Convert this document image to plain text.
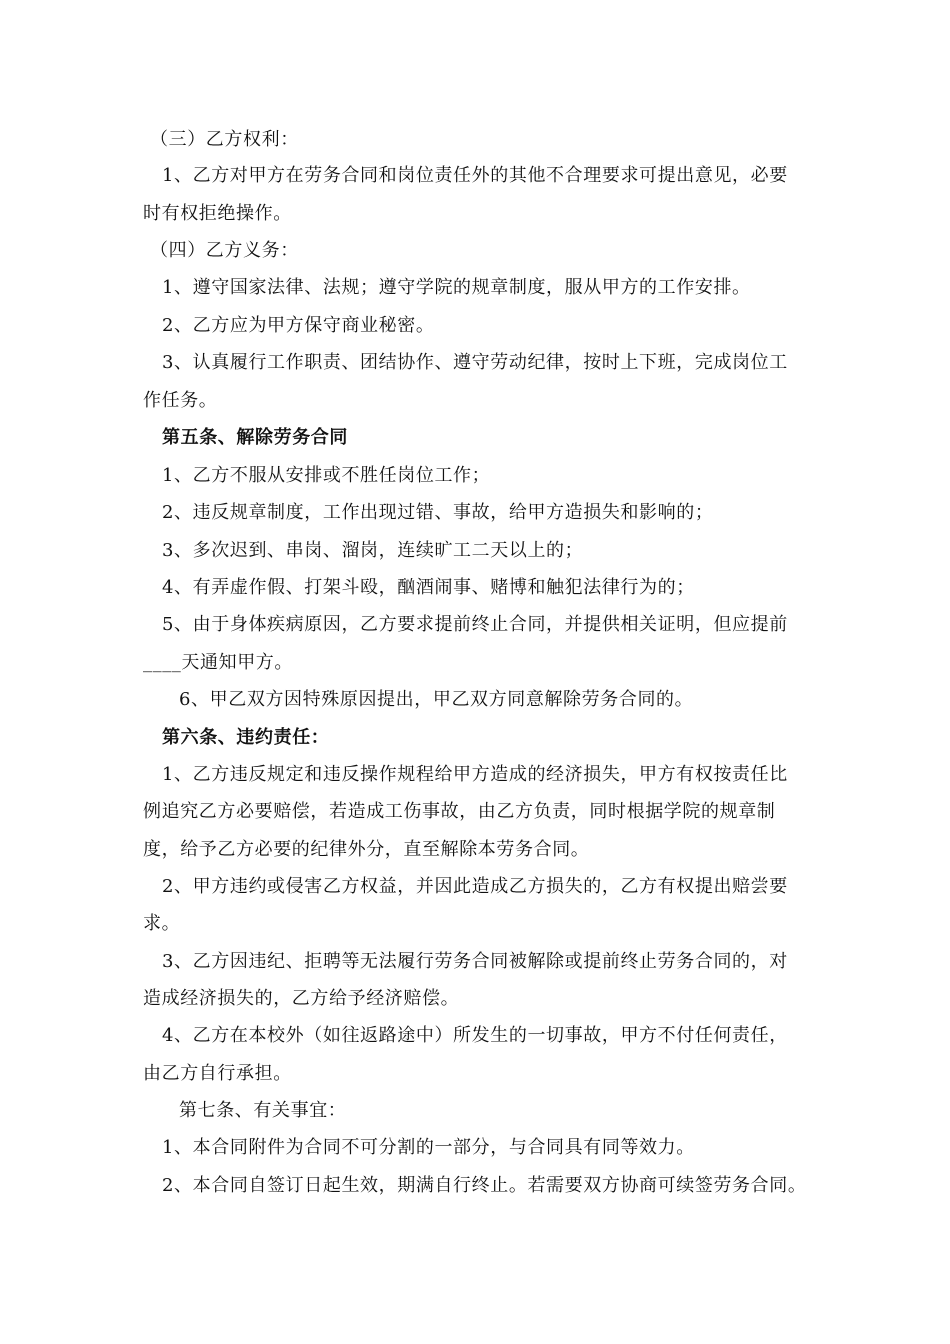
（三）乙方权利：
1、乙方对甲方在劳务合同和岗位责任外的其他不合理要求可提出意见，必要
时有权拒绝操作。
（四）乙方义务：
1、遵守国家法律、法规；遵守学院的规章制度，服从甲方的工作安排。
2、乙方应为甲方保守商业秘密。
3、认真履行工作职责、团结协作、遵守劳动纪律，按时上下班，完成岗位工
作任务。
第五条、解除劳务合同
1、乙方不服从安排或不胜任岗位工作；
2、违反规章制度，工作出现过错、事故，给甲方造损失和影响的；
3、多次迟到、串岗、溜岗，连续旷工二天以上的；
4、有弄虚作假、打架斗殴，酗酒闹事、赌博和触犯法律行为的；
5、由于身体疾病原因，乙方要求提前终止合同，并提供相关证明，但应提前
____天通知甲方。
6、甲乙双方因特殊原因提出，甲乙双方同意解除劳务合同的。
第六条、违约责任：
1、乙方违反规定和违反操作规程给甲方造成的经济损失，甲方有权按责任比
例追究乙方必要赔偿，若造成工伤事故，由乙方负责，同时根据学院的规章制
度，给予乙方必要的纪律外分，直至解除本劳务合同。
2、甲方违约或侵害乙方权益，并因此造成乙方损失的，乙方有权提出赔尝要
求。
3、乙方因违纪、拒聘等无法履行劳务合同被解除或提前终止劳务合同的，对
造成经济损失的，乙方给予经济赔偿。
4、乙方在本校外（如往返路途中）所发生的一切事故，甲方不付任何责任，
由乙方自行承担。
第七条、有关事宜：
1、本合同附件为合同不可分割的一部分，与合同具有同等效力。
2、本合同自签订日起生效，期满自行终止。若需要双方协商可续签劳务合同。
